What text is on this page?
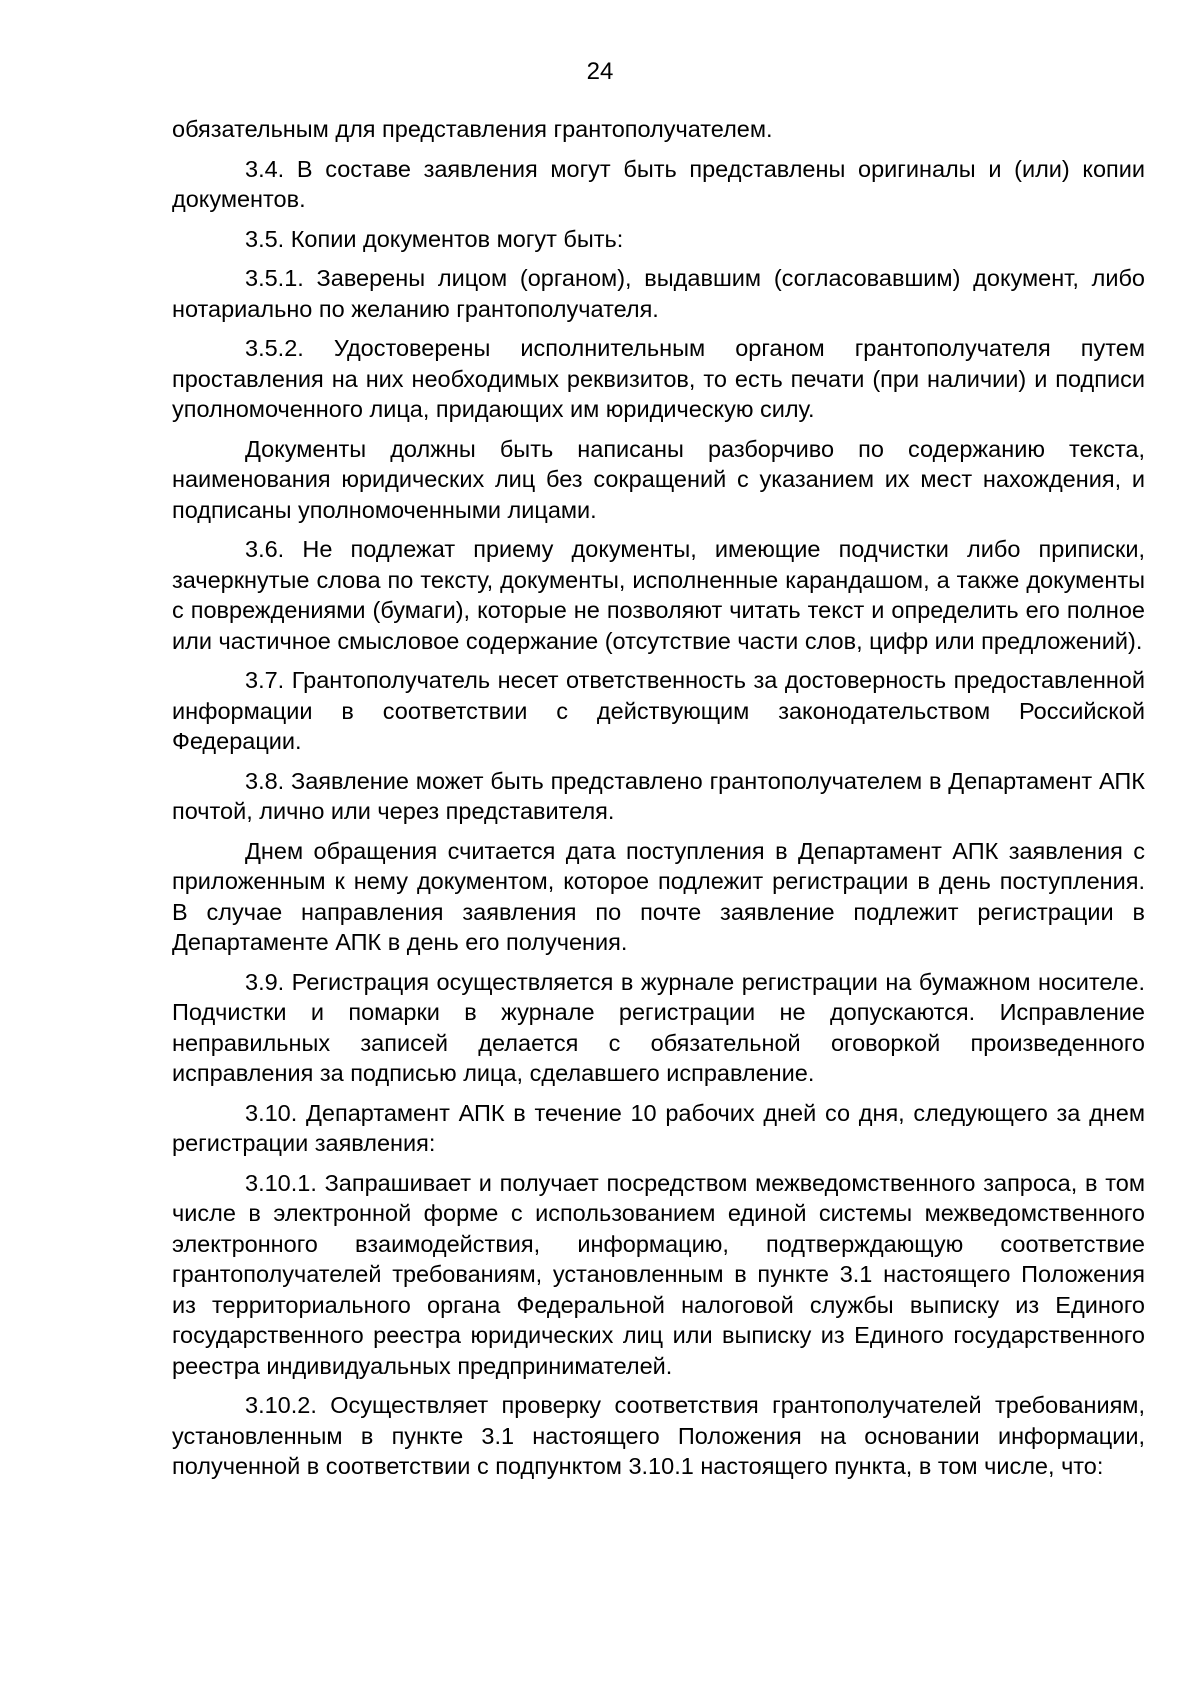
24

обязательным для представления грантополучателем.

3.4. В составе заявления могут быть представлены оригиналы и (или) копии документов.

3.5. Копии документов могут быть:

3.5.1. Заверены лицом (органом), выдавшим (согласовавшим) документ, либо нотариально по желанию грантополучателя.

3.5.2. Удостоверены исполнительным органом грантополучателя путем проставления на них необходимых реквизитов, то есть печати (при наличии) и подписи уполномоченного лица, придающих им юридическую силу.

Документы должны быть написаны разборчиво по содержанию текста, наименования юридических лиц без сокращений с указанием их мест нахождения, и подписаны уполномоченными лицами.

3.6. Не подлежат приему документы, имеющие подчистки либо приписки, зачеркнутые слова по тексту, документы, исполненные карандашом, а также документы с повреждениями (бумаги), которые не позволяют читать текст и определить его полное или частичное смысловое содержание (отсутствие части слов, цифр или предложений).

3.7. Грантополучатель несет ответственность за достоверность предоставленной информации в соответствии с действующим законодательством Российской Федерации.

3.8. Заявление может быть представлено грантополучателем в Департамент АПК почтой, лично или через представителя.

Днем обращения считается дата поступления в Департамент АПК заявления с приложенным к нему документом, которое подлежит регистрации в день поступления. В случае направления заявления по почте заявление подлежит регистрации в Департаменте АПК в день его получения.

3.9. Регистрация осуществляется в журнале регистрации на бумажном носителе. Подчистки и помарки в журнале регистрации не допускаются. Исправление неправильных записей делается с обязательной оговоркой произведенного исправления за подписью лица, сделавшего исправление.

3.10. Департамент АПК в течение 10 рабочих дней со дня, следующего за днем регистрации заявления:

3.10.1. Запрашивает и получает посредством межведомственного запроса, в том числе в электронной форме с использованием единой системы межведомственного электронного взаимодействия, информацию, подтверждающую соответствие грантополучателей требованиям, установленным в пункте 3.1 настоящего Положения из территориального органа Федеральной налоговой службы выписку из Единого государственного реестра юридических лиц или выписку из Единого государственного реестра индивидуальных предпринимателей.

3.10.2. Осуществляет проверку соответствия грантополучателей требованиям, установленным в пункте 3.1 настоящего Положения на основании информации, полученной в соответствии с подпунктом 3.10.1 настоящего пункта, в том числе, что:
